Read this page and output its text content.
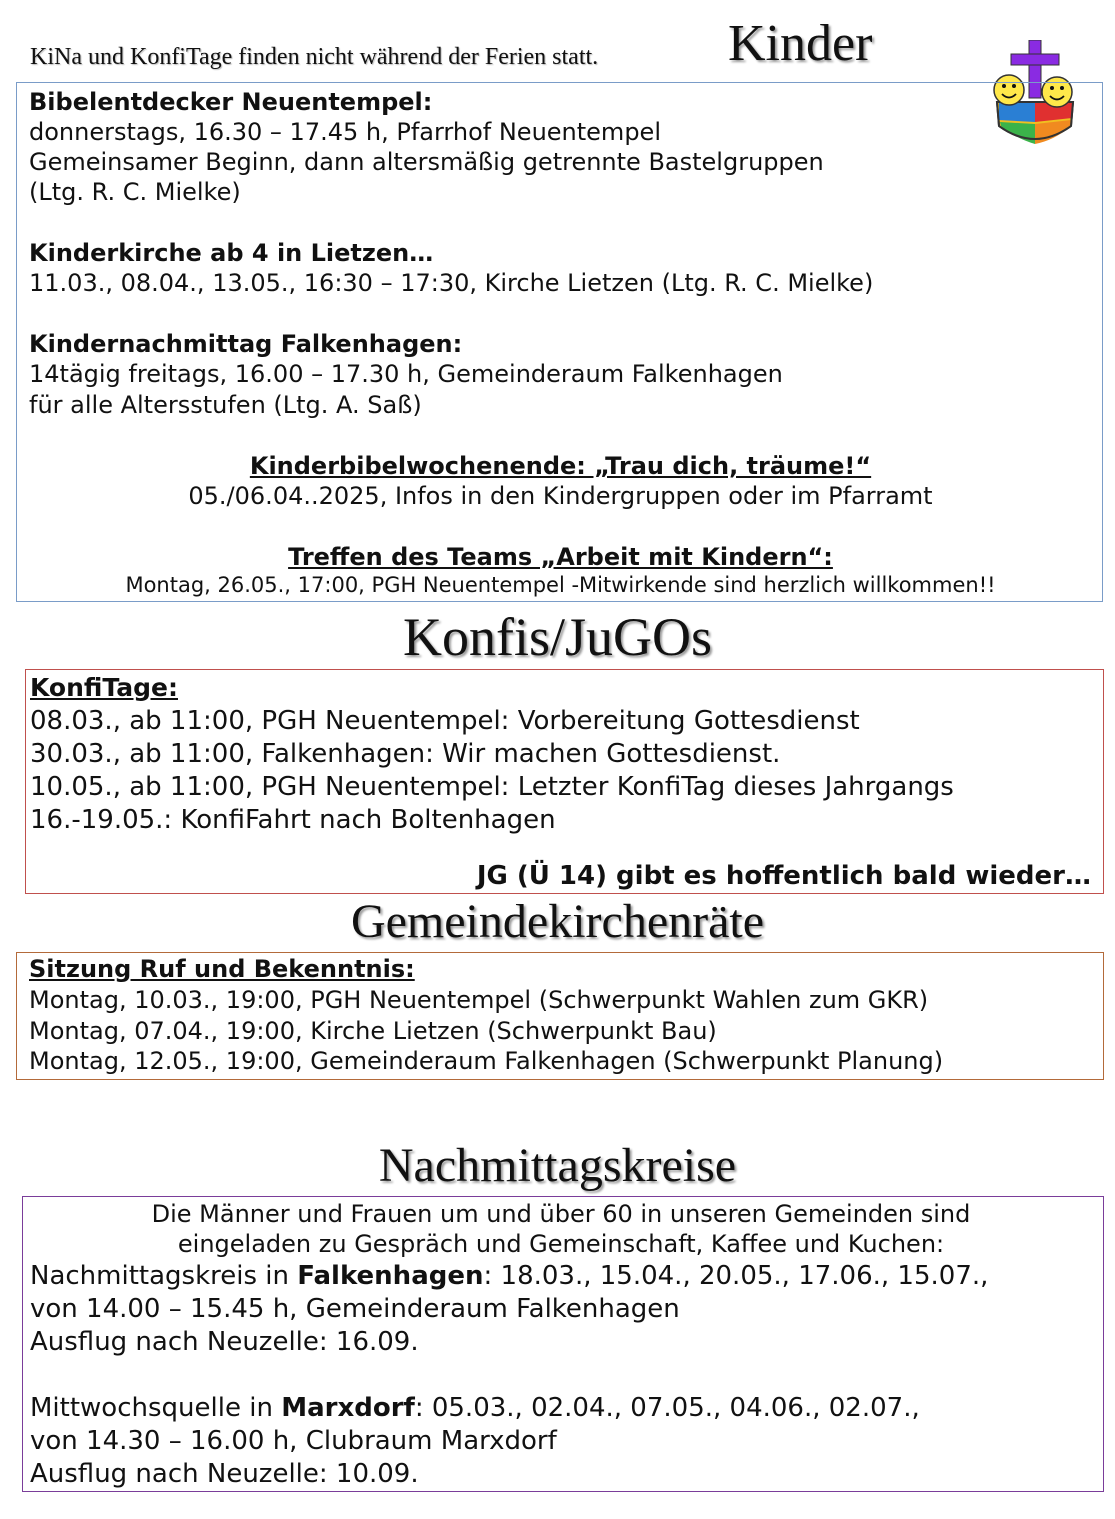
KiNa und KonfiTage finden nicht während der Ferien statt. Kinder
Bibelentdecker Neuentempel:
donnerstags, 16.30 – 17.45 h, Pfarrhof Neuentempel
Gemeinsamer Beginn, dann altersmäßig getrennte Bastelgruppen
(Ltg. R. C. Mielke)
Kinderkirche ab 4 in Lietzen…
11.03., 08.04., 13.05., 16:30 – 17:30, Kirche Lietzen (Ltg. R. C. Mielke)
Kindernachmittag Falkenhagen:
14tägig freitags, 16.00 – 17.30 h, Gemeinderaum Falkenhagen
für alle Altersstufen (Ltg. A. Saß)
Kinderbibelwochenende: „Trau dich, träume!“
05./06.04..2025, Infos in den Kindergruppen oder im Pfarramt
Treffen des Teams „Arbeit mit Kindern“:
Montag, 26.05., 17:00, PGH Neuentempel -Mitwirkende sind herzlich willkommen!!
Konfis/JuGOs
KonfiTage:
08.03., ab 11:00, PGH Neuentempel: Vorbereitung Gottesdienst
30.03., ab 11:00, Falkenhagen: Wir machen Gottesdienst.
10.05., ab 11:00, PGH Neuentempel: Letzter KonfiTag dieses Jahrgangs
16.-19.05.: KonfiFahrt nach Boltenhagen
JG (Ü 14) gibt es hoffentlich bald wieder…
Gemeindekirchenräte
Sitzung Ruf und Bekenntnis:
Montag, 10.03., 19:00, PGH Neuentempel (Schwerpunkt Wahlen zum GKR)
Montag, 07.04., 19:00, Kirche Lietzen (Schwerpunkt Bau)
Montag, 12.05., 19:00, Gemeinderaum Falkenhagen (Schwerpunkt Planung)
Nachmittagskreise
Die Männer und Frauen um und über 60 in unseren Gemeinden sind
eingeladen zu Gespräch und Gemeinschaft, Kaffee und Kuchen:
Nachmittagskreis in Falkenhagen: 18.03., 15.04., 20.05., 17.06., 15.07.,
von 14.00 – 15.45 h, Gemeinderaum Falkenhagen
Ausflug nach Neuzelle: 16.09.
Mittwochsquelle in Marxdorf: 05.03., 02.04., 07.05., 04.06., 02.07.,
von 14.30 – 16.00 h, Clubraum Marxdorf
Ausflug nach Neuzelle: 10.09.
